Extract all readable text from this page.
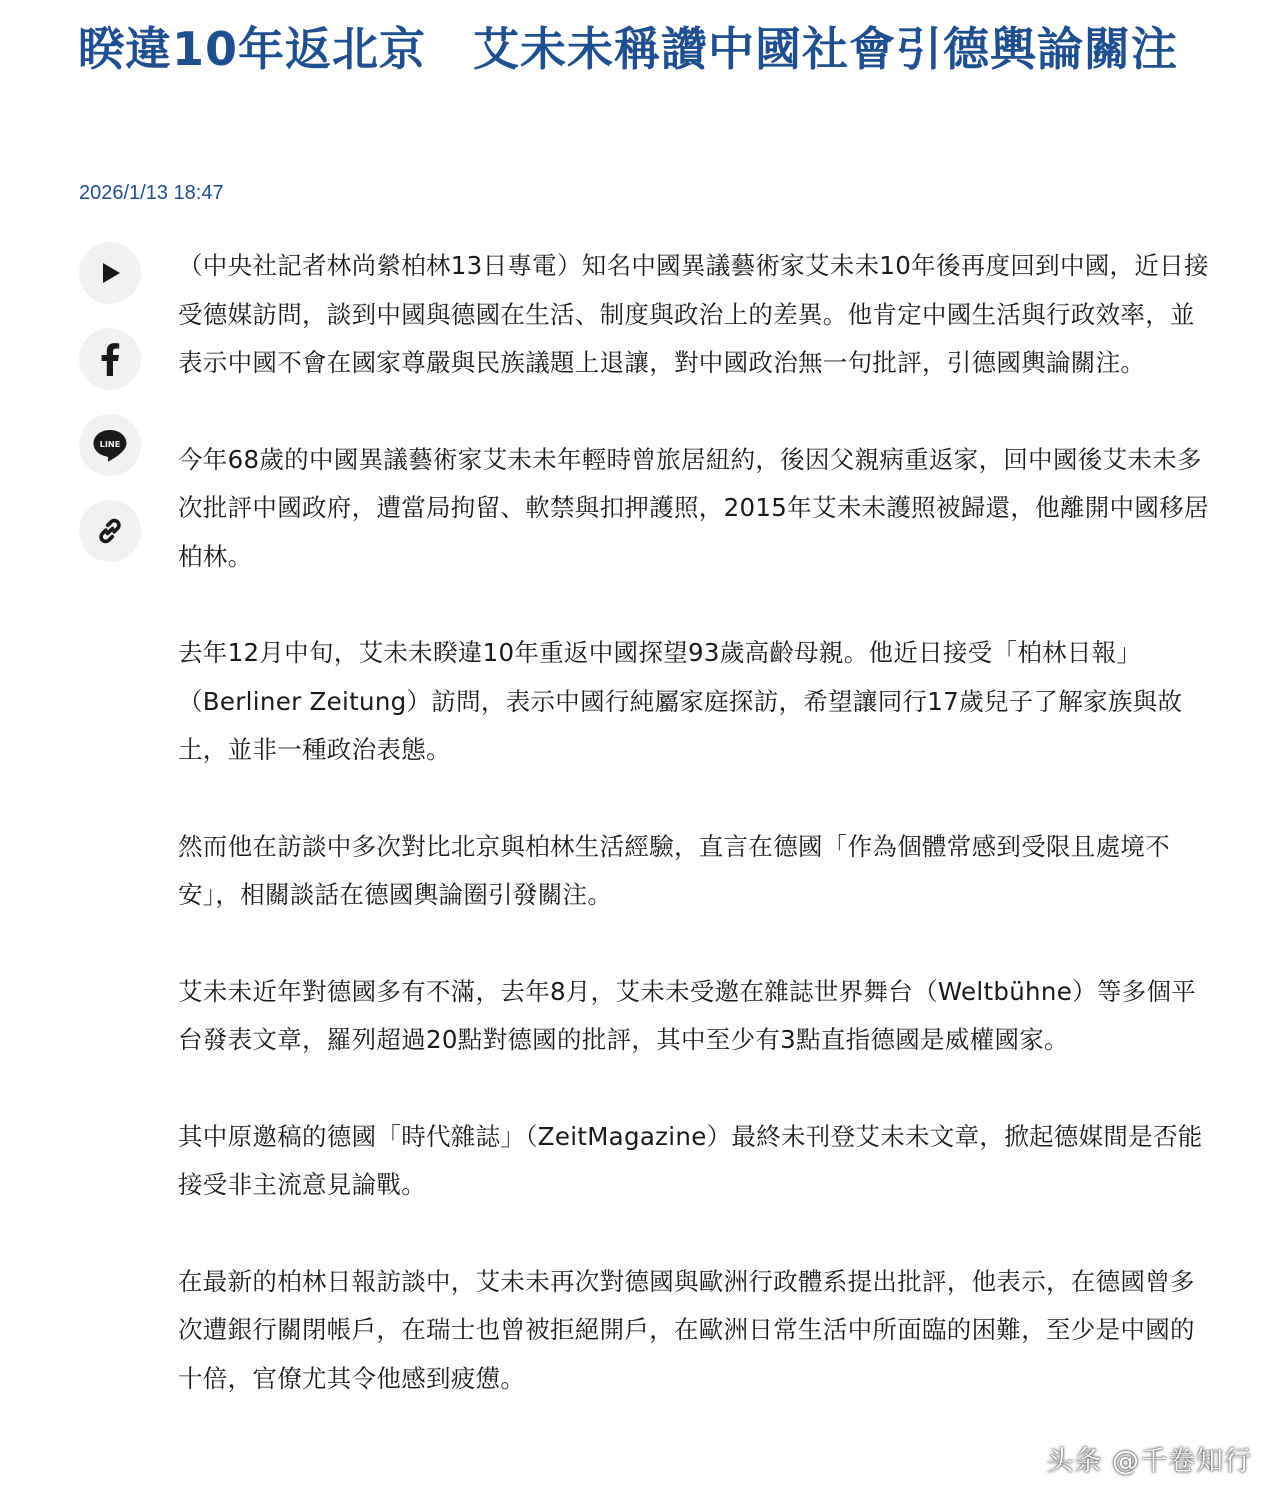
睽違10年返北京　艾未未稱讚中國社會引德輿論關注
2026/1/13 18:47
LINE

（中央社記者林尚縈柏林13日專電）知名中國異議藝術家艾未未10年後再度回到中國，近日接受德媒訪問，談到中國與德國在生活、制度與政治上的差異。他肯定中國生活與行政效率，並表示中國不會在國家尊嚴與民族議題上退讓，對中國政治無一句批評，引德國輿論關注。

今年68歲的中國異議藝術家艾未未年輕時曾旅居紐約，後因父親病重返家，回中國後艾未未多次批評中國政府，遭當局拘留、軟禁與扣押護照，2015年艾未未護照被歸還，他離開中國移居柏林。

去年12月中旬，艾未未睽違10年重返中國探望93歲高齡母親。他近日接受「柏林日報」（Berliner Zeitung）訪問，表示中國行純屬家庭探訪，希望讓同行17歲兒子了解家族與故土，並非一種政治表態。

然而他在訪談中多次對比北京與柏林生活經驗，直言在德國「作為個體常感到受限且處境不安」，相關談話在德國輿論圈引發關注。

艾未未近年對德國多有不滿，去年8月，艾未未受邀在雜誌世界舞台（Weltbühne）等多個平台發表文章，羅列超過20點對德國的批評，其中至少有3點直指德國是威權國家。

其中原邀稿的德國「時代雜誌」（ZeitMagazine）最終未刊登艾未未文章，掀起德媒間是否能接受非主流意見論戰。

在最新的柏林日報訪談中，艾未未再次對德國與歐洲行政體系提出批評，他表示，在德國曾多次遭銀行關閉帳戶，在瑞士也曾被拒絕開戶，在歐洲日常生活中所面臨的困難，至少是中國的十倍，官僚尤其令他感到疲憊。

头条 @千卷知行
